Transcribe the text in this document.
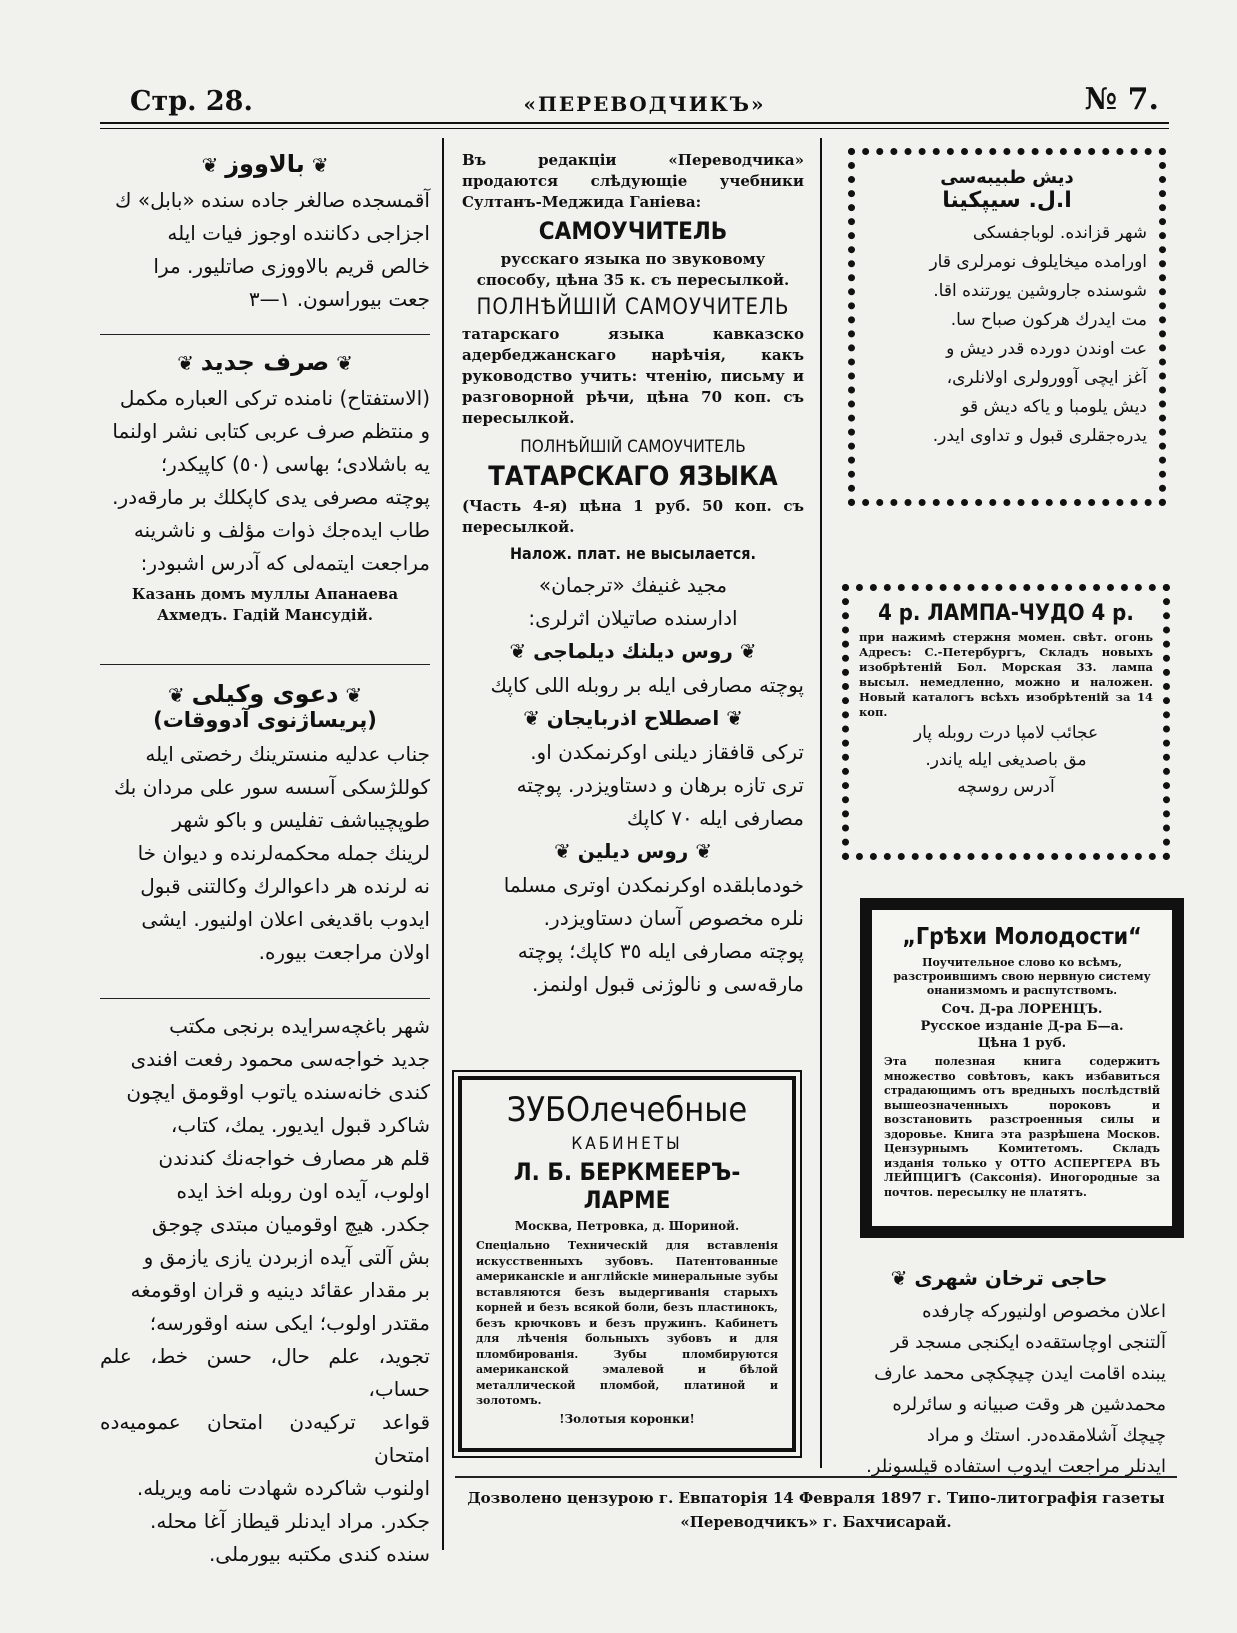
Стр. 28.	«ПЕРЕВОДЧИКЪ»	№ 7.
❦ بالاووز ❦

آقمسجده صالغر جاده سنده «بابل» ك

اجزاجى دكاننده اوجوز فيات ايله

خالص قريم بالاووزى صاتليور. مرا

جعت بيوراسون. ١—٣

❦ صرف جديد ❦

(الاستفتاح) نامنده تركى العباره مكمل

و منتظم صرف عربى كتابى نشر اولنما

يه باشلادى؛ بهاسى (٥٠) كاپيكدر؛

پوچته مصرفى يدى كاپكلك بر مارقه‌در.

طاب ايده‌جك ذوات مؤلف و ناشرينه

مراجعت ايتمه‌لى كه آدرس اشبودر:

Казань домъ муллы Апанаева Ахмедъ. Гадій Мансудій.

❦ دعوى وكيلى ❦
(پريساژنوى آدووقات)

جناب عدليه منسترينك رخصتى ايله

كوللژسكى آسسه سور على مردان بك

طوپچيباشف تفليس و باكو شهر

لرينك جمله محكمه‌لرنده و ديوان خا

نه لرنده هر داعوالرك وكالتنى قبول

ايدوب باقديغى اعلان اولنيور. ايشى

اولان مراجعت بيوره.

شهر باغچه‌سرايده برنجى مكتب

جديد خواجه‌سى محمود رفعت افندى

كندى خانه‌سنده ياتوب اوقومق ايچون

شاكرد قبول ايديور. يمك، كتاب،

قلم هر مصارف خواجه‌نك كندندن

اولوب، آيده اون روبله اخذ ايده

جكدر. هيچ اوقوميان مبتدى چوجق

بش آلتى آيده ازبردن يازى يازمق و

بر مقدار عقائد دينيه و قران اوقومغه

مقتدر اولوب؛ ايكى سنه اوقورسه؛

تجويد، علم حال، حسن خط، علم حساب،

قواعد تركيه‌دن امتحان عموميه‌ده امتحان

اولنوب شاكرده شهادت نامه ويريله.

جكدر. مراد ايدنلر قيطاز آغا محله.

سنده كندى مكتبه بيورملى.

Въ редакціи «Переводчика» продаются слѣдующіе учебники Султанъ-Меджида Ганіева:

САМОУЧИТЕЛЬ

русскаго языка по звуковому способу, цѣна 35 к. съ пересылкой.

ПОЛНѢЙШІЙ САМОУЧИТЕЛЬ

татарскаго языка кавказско адербеджанскаго нарѣчія, какъ руководство учить: чтенію, письму и разговорной рѣчи, цѣна 70 коп. съ пересылкой.

ПОЛНѢЙШІЙ САМОУЧИТЕЛЬ
ТАТАРСКАГО ЯЗЫКА

(Часть 4-я) цѣна 1 руб. 50 коп. съ пересылкой.

Налож. плат. не высылается.

مجيد غنيفك «ترجمان»

ادارسنده صاتيلان اثرلرى:

❦ روس ديلنك ديلماجى ❦

پوچته مصارفى ايله بر روبله اللى كاپك

❦ اصطلاح اذربايجان ❦

تركى قافقاز ديلنى اوكرنمكدن او.

ترى تازه برهان و دستاويزدر. پوچته

مصارفى ايله ٧٠ كاپك

❦ روس ديلين ❦

خودمابلقده اوكرنمكدن اوترى مسلما

نلره مخصوص آسان دستاويزدر.

پوچته مصارفى ايله ٣٥ كاپك؛ پوچته

مارقه‌سى و نالوژنى قبول اولنمز.

ЗУБОлечебные
КАБИНЕТЫ
Л. Б. БЕРКМЕЕРЪ-ЛАРМЕ

Москва, Петровка, д. Шориной.

Спеціально Техническій для вставленія искусственныхъ зубовъ. Патентованные американскіе и англійскіе минеральные зубы вставляются безъ выдергиванія старыхъ корней и безъ всякой боли, безъ пластинокъ, безъ крючковъ и безъ пружинъ. Кабинетъ для лѣченія больныхъ зубовъ и для пломбированія. Зубы пломбируются американской эмалевой и бѣлой металлической пломбой, платиной и золотомъ.

!Золотыя коронки!

ديش طبيبه‌سى
ا.ل. سيپكينا

شهر قزانده. لوباجفسكى

اورامده ميخايلوف نومرلرى قار

شوسنده جاروشين يورتنده اقا.

مت ايدرك هركون صباح سا.

عت اوندن دورده قدر ديش و

آغز ايچى آوورولرى اولانلرى،

ديش يلومبا و ياكه ديش قو

يدره‌جقلرى قبول و تداوى ايدر.

4 р. ЛАМПА-ЧУДО 4 р.

при нажимѣ стержня момен. свѣт. огонь Адресъ: С.-Петербургъ, Складъ новыхъ изобрѣтеній Бол. Морская 33. лампа высыл. немедленно, можно и наложен. Новый каталогъ всѣхъ изобрѣтеній за 14 коп.

عجائب لامپا درت روبله پار

مق باصديغى ايله ياندر.

آدرس روسچه

„Грѣхи Молодости“

Поучительное слово ко всѣмъ, разстроившимъ свою нервную систему онанизмомъ и распутствомъ.

Соч. Д-ра ЛОРЕНЦЪ.

Русское изданіе Д-ра Б—а.

Цѣна 1 руб.

Эта полезная книга содержитъ множество совѣтовъ, какъ избавиться страдающимъ отъ вредныхъ послѣдствій вышеозначенныхъ пороковъ и возстановить разстроенныя силы и здоровье. Книга эта разрѣшена Москов. Цензурнымъ Комитетомъ. Складъ изданія только у ОТТО АСПЕРГЕРА ВЪ ЛЕЙПЦИГѢ (Саксонія). Иногородные за почтов. пересылку не платятъ.

❦ حاجى ترخان شهرى

اعلان مخصوص اولنيوركه چارفده

آلتنجى اوچاستقه‌ده ايكنجى مسجد قر

يبنده اقامت ايدن چيچكچى محمد عارف

محمدشين هر وقت صبيانه و سائرلره

چيچك آشلامقده‌در. استك و مراد

ايدنلر مراجعت ايدوب استفاده قيلسونلر.

Дозволено цензурою г. Евпаторія 14 Февраля 1897 г. Типо-литографія газеты
«Переводчикъ» г. Бахчисарай.
